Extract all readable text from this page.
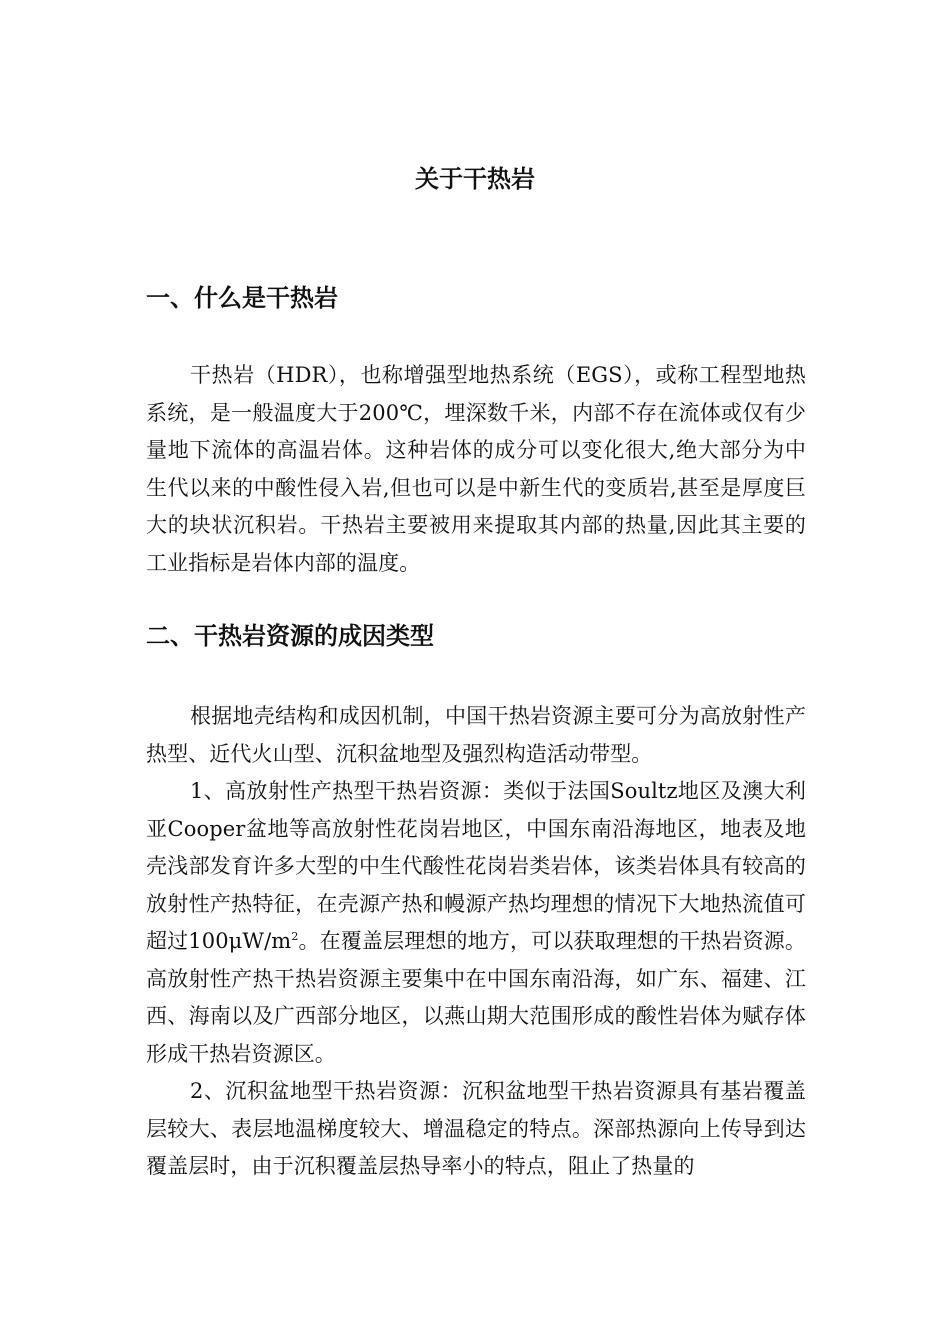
关于干热岩
一、什么是干热岩

干热岩（HDR），也称增强型地热系统（EGS），或称工程型地热系统，是一般温度大于200℃，埋深数千米，内部不存在流体或仅有少量地下流体的高温岩体。这种岩体的成分可以变化很大,绝大部分为中生代以来的中酸性侵入岩,但也可以是中新生代的变质岩,甚至是厚度巨大的块状沉积岩。干热岩主要被用来提取其内部的热量,因此其主要的工业指标是岩体内部的温度。

二、干热岩资源的成因类型

根据地壳结构和成因机制，中国干热岩资源主要可分为高放射性产热型、近代火山型、沉积盆地型及强烈构造活动带型。

1、高放射性产热型干热岩资源：类似于法国Soultz地区及澳大利亚Cooper盆地等高放射性花岗岩地区，中国东南沿海地区，地表及地壳浅部发育许多大型的中生代酸性花岗岩类岩体，该类岩体具有较高的放射性产热特征，在壳源产热和幔源产热均理想的情况下大地热流值可超过$100\mu W/m^2$。在覆盖层理想的地方，可以获取理想的干热岩资源。高放射性产热干热岩资源主要集中在中国东南沿海，如广东、福建、江西、海南以及广西部分地区，以燕山期大范围形成的酸性岩体为赋存体形成干热岩资源区。

2、沉积盆地型干热岩资源：沉积盆地型干热岩资源具有基岩覆盖层较大、表层地温梯度较大、增温稳定的特点。深部热源向上传导到达覆盖层时，由于沉积覆盖层热导率小的特点，阻止了热量的
